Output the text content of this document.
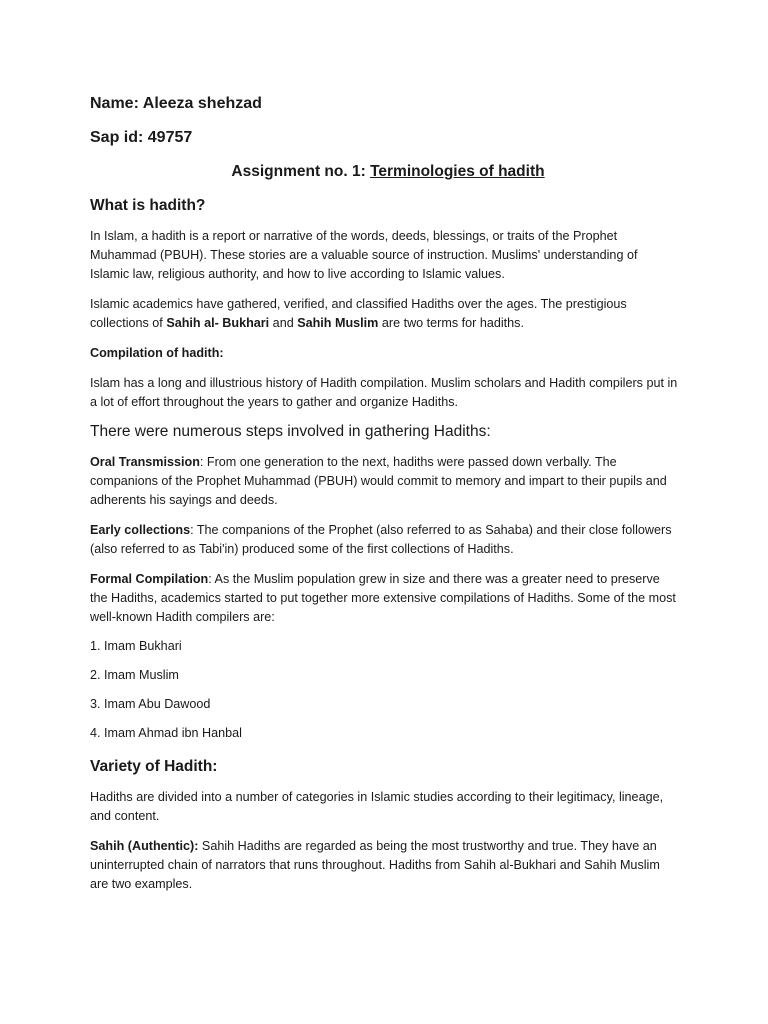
Name: Aleeza shehzad
Sap id: 49757
Assignment no. 1: Terminologies of hadith
What is hadith?

In Islam, a hadith is a report or narrative of the words, deeds, blessings, or traits of the Prophet Muhammad (PBUH). These stories are a valuable source of instruction. Muslims' understanding of Islamic law, religious authority, and how to live according to Islamic values.

Islamic academics have gathered, verified, and classified Hadiths over the ages. The prestigious collections of Sahih al- Bukhari and Sahih Muslim are two terms for hadiths.

Compilation of hadith:

Islam has a long and illustrious history of Hadith compilation. Muslim scholars and Hadith compilers put in a lot of effort throughout the years to gather and organize Hadiths.

There were numerous steps involved in gathering Hadiths:

Oral Transmission: From one generation to the next, hadiths were passed down verbally. The companions of the Prophet Muhammad (PBUH) would commit to memory and impart to their pupils and adherents his sayings and deeds.

Early collections: The companions of the Prophet (also referred to as Sahaba) and their close followers (also referred to as Tabi'in) produced some of the first collections of Hadiths.

Formal Compilation: As the Muslim population grew in size and there was a greater need to preserve the Hadiths, academics started to put together more extensive compilations of Hadiths. Some of the most well-known Hadith compilers are:

1. Imam Bukhari
2. Imam Muslim
3. Imam Abu Dawood
4. Imam Ahmad ibn Hanbal
Variety of Hadith:

Hadiths are divided into a number of categories in Islamic studies according to their legitimacy, lineage, and content.

Sahih (Authentic): Sahih Hadiths are regarded as being the most trustworthy and true. They have an uninterrupted chain of narrators that runs throughout. Hadiths from Sahih al-Bukhari and Sahih Muslim are two examples.
